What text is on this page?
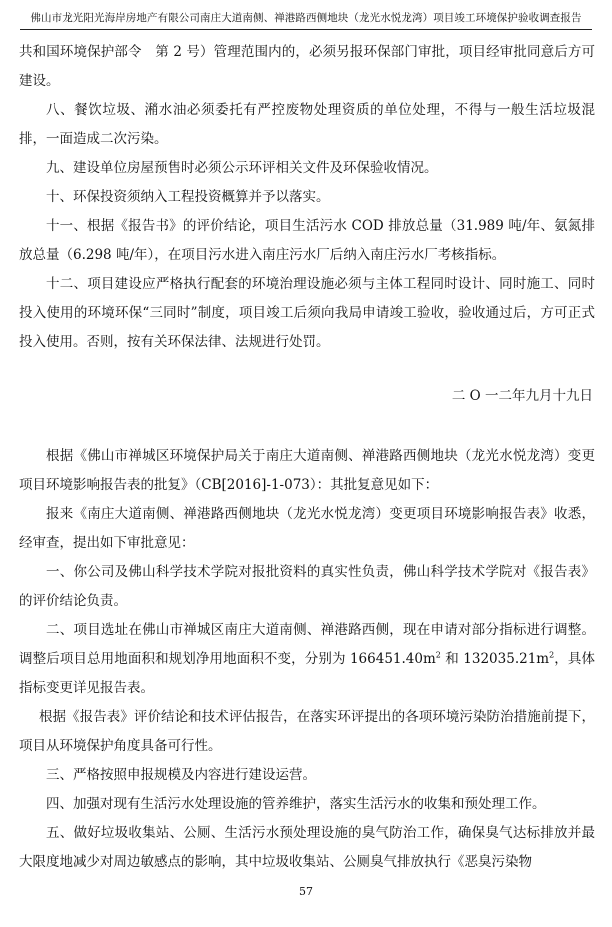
佛山市龙光阳光海岸房地产有限公司南庄大道南侧、禅港路西侧地块（龙光水悦龙湾）项目竣工环境保护验收调查报告

共和国环境保护部令　第 2 号）管理范围内的，必须另报环保部门审批，项目经审批同意后方可建设。

八、餐饮垃圾、潲水油必须委托有严控废物处理资质的单位处理，不得与一般生活垃圾混排，一面造成二次污染。

九、建设单位房屋预售时必须公示环评相关文件及环保验收情况。

十、环保投资须纳入工程投资概算并予以落实。

十一、根据《报告书》的评价结论，项目生活污水 COD 排放总量（31.989 吨/年、氨氮排放总量（6.298 吨/年），在项目污水进入南庄污水厂后纳入南庄污水厂考核指标。

十二、项目建设应严格执行配套的环境治理设施必须与主体工程同时设计、同时施工、同时投入使用的环境环保“三同时”制度，项目竣工后须向我局申请竣工验收，验收通过后，方可正式投入使用。否则，按有关环保法律、法规进行处罚。

二 O 一二年九月十九日

根据《佛山市禅城区环境保护局关于南庄大道南侧、禅港路西侧地块（龙光水悦龙湾）变更项目环境影响报告表的批复》（CB[2016]-1-073）：其批复意见如下：

报来《南庄大道南侧、禅港路西侧地块（龙光水悦龙湾）变更项目环境影响报告表》收悉，经审查，提出如下审批意见：

一、你公司及佛山科学技术学院对报批资料的真实性负责，佛山科学技术学院对《报告表》的评价结论负责。

二、项目选址在佛山市禅城区南庄大道南侧、禅港路西侧，现在申请对部分指标进行调整。调整后项目总用地面积和规划净用地面积不变，分别为 $166451.40m^2$ 和 $132035.21m^2$，具体指标变更详见报告表。

根据《报告表》评价结论和技术评估报告，在落实环评提出的各项环境污染防治措施前提下，项目从环境保护角度具备可行性。

三、严格按照申报规模及内容进行建设运营。

四、加强对现有生活污水处理设施的管养维护，落实生活污水的收集和预处理工作。

五、做好垃圾收集站、公厕、生活污水预处理设施的臭气防治工作，确保臭气达标排放并最大限度地减少对周边敏感点的影响，其中垃圾收集站、公厕臭气排放执行《恶臭污染物

57
